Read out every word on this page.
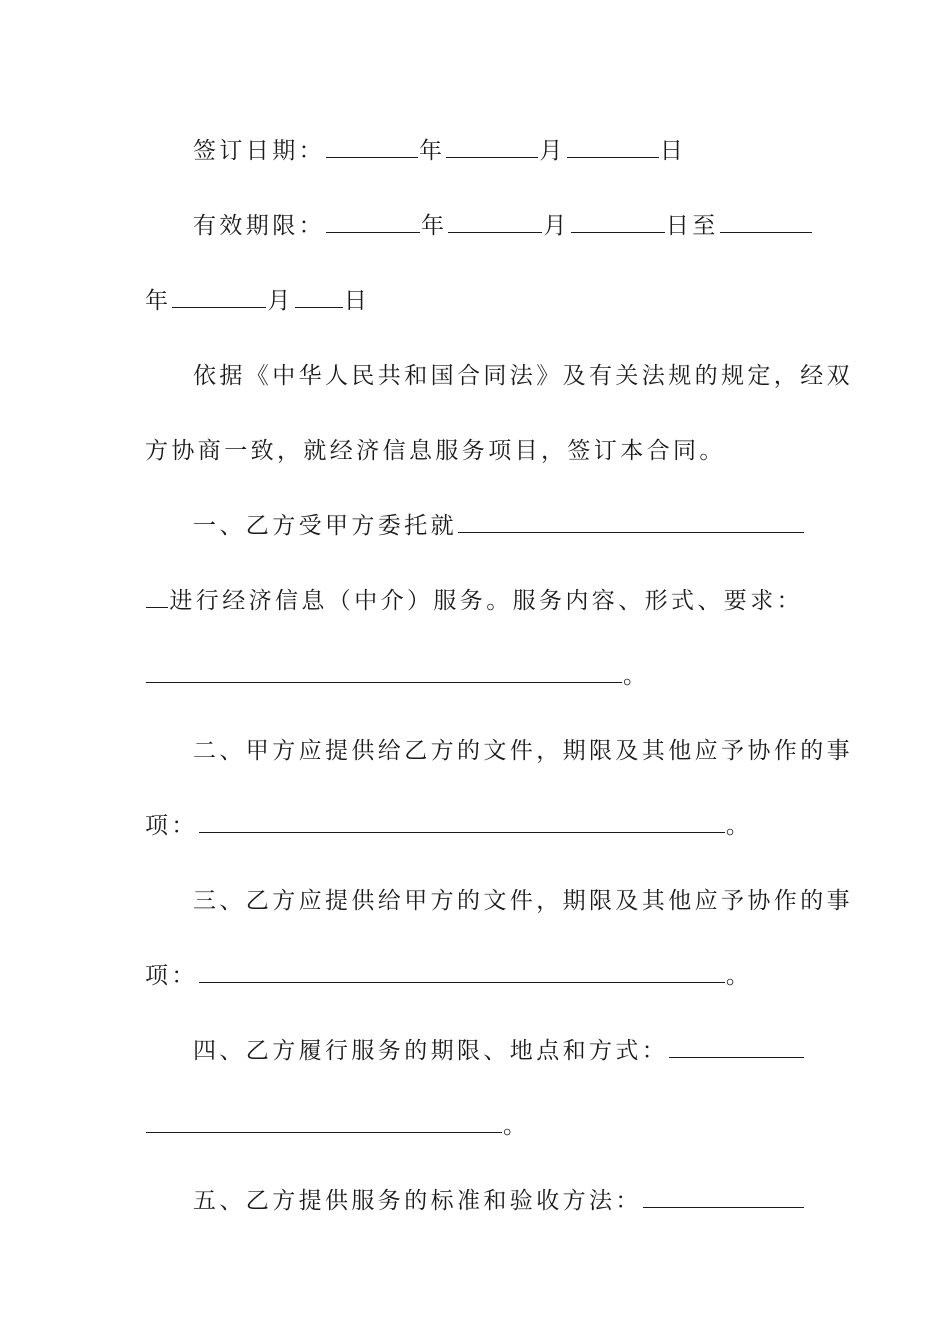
签订日期：	年	月	日
有效期限：	年	月	日至
年	月 日
依据《中华人民共和国合同法》及有关法规的规定，经双
方协商一致，就经济信息服务项目，签订本合同。
一、乙方受甲方委托就
进行经济信息（中介）服务。服务内容、形式、要求：
。
二、甲方应提供给乙方的文件，期限及其他应予协作的事
项：	。
三、乙方应提供给甲方的文件，期限及其他应予协作的事
项：	。
四、乙方履行服务的期限、地点和方式：
。
五、乙方提供服务的标准和验收方法：
